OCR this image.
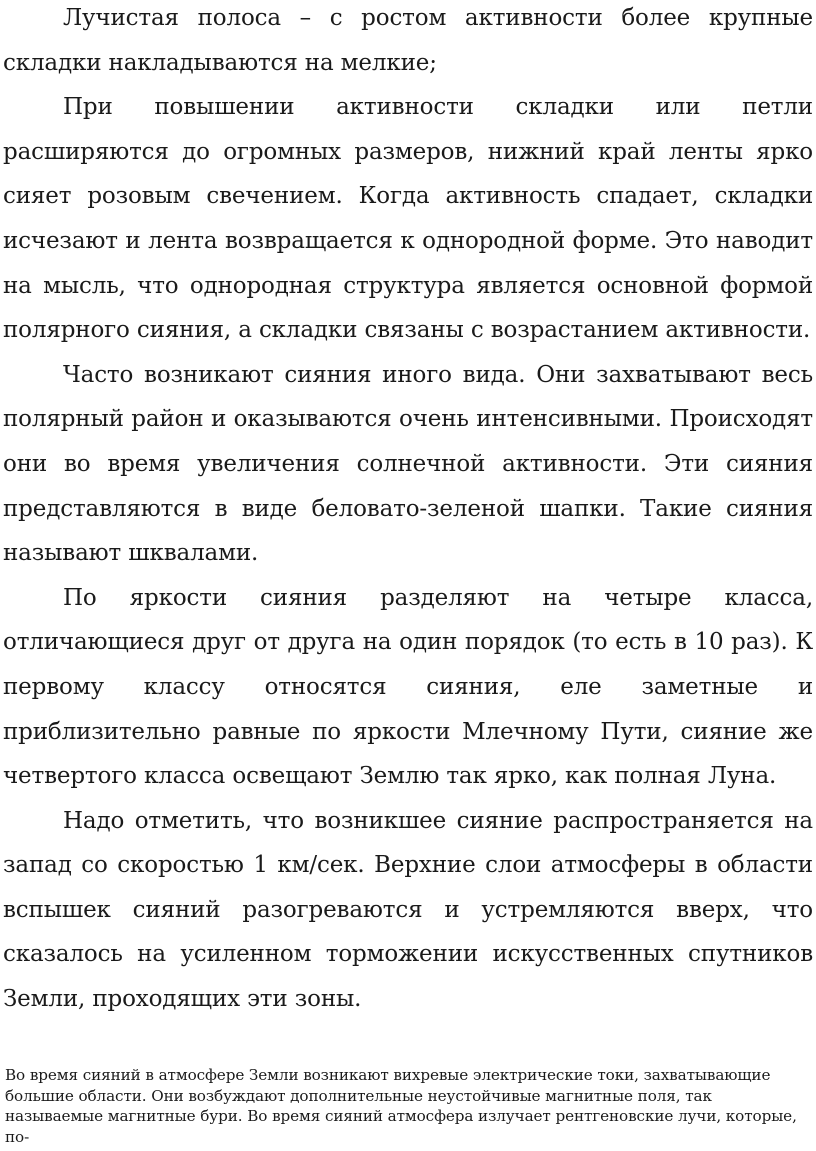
Лучистая полоса – с ростом активности более крупные складки накладываются на мелкие;

При повышении активности складки или петли расширяются до огромных размеров, нижний край ленты ярко сияет розовым свечением. Когда активность спадает, складки исчезают и лента возвращается к однородной форме. Это наводит на мысль, что однородная структура является основной формой полярного сияния, а складки связаны с возрастанием активности.

Часто возникают сияния иного вида. Они захватывают весь полярный район и оказываются очень интенсивными. Происходят они во время увеличения солнечной активности. Эти сияния представляются в виде беловато-зеленой шапки. Такие сияния называют шквалами.

По яркости сияния разделяют на четыре класса, отличающиеся друг от друга на один порядок (то есть в 10 раз). К первому классу относятся сияния, еле заметные и приблизительно равные по яркости Млечному Пути, сияние же четвертого класса освещают Землю так ярко, как полная Луна.

Надо отметить, что возникшее сияние распространяется на запад со скоростью 1 км/сек. Верхние слои атмосферы в области вспышек сияний разогреваются и устремляются вверх, что сказалось на усиленном торможении искусственных спутников Земли, проходящих эти зоны.

Во время сияний в атмосфере Земли возникают вихревые электрические токи, захватывающие большие области. Они возбуждают дополнительные неустойчивые магнитные поля, так называемые магнитные бури. Во время сияний атмосфера излучает рентгеновские лучи, которые, по-
